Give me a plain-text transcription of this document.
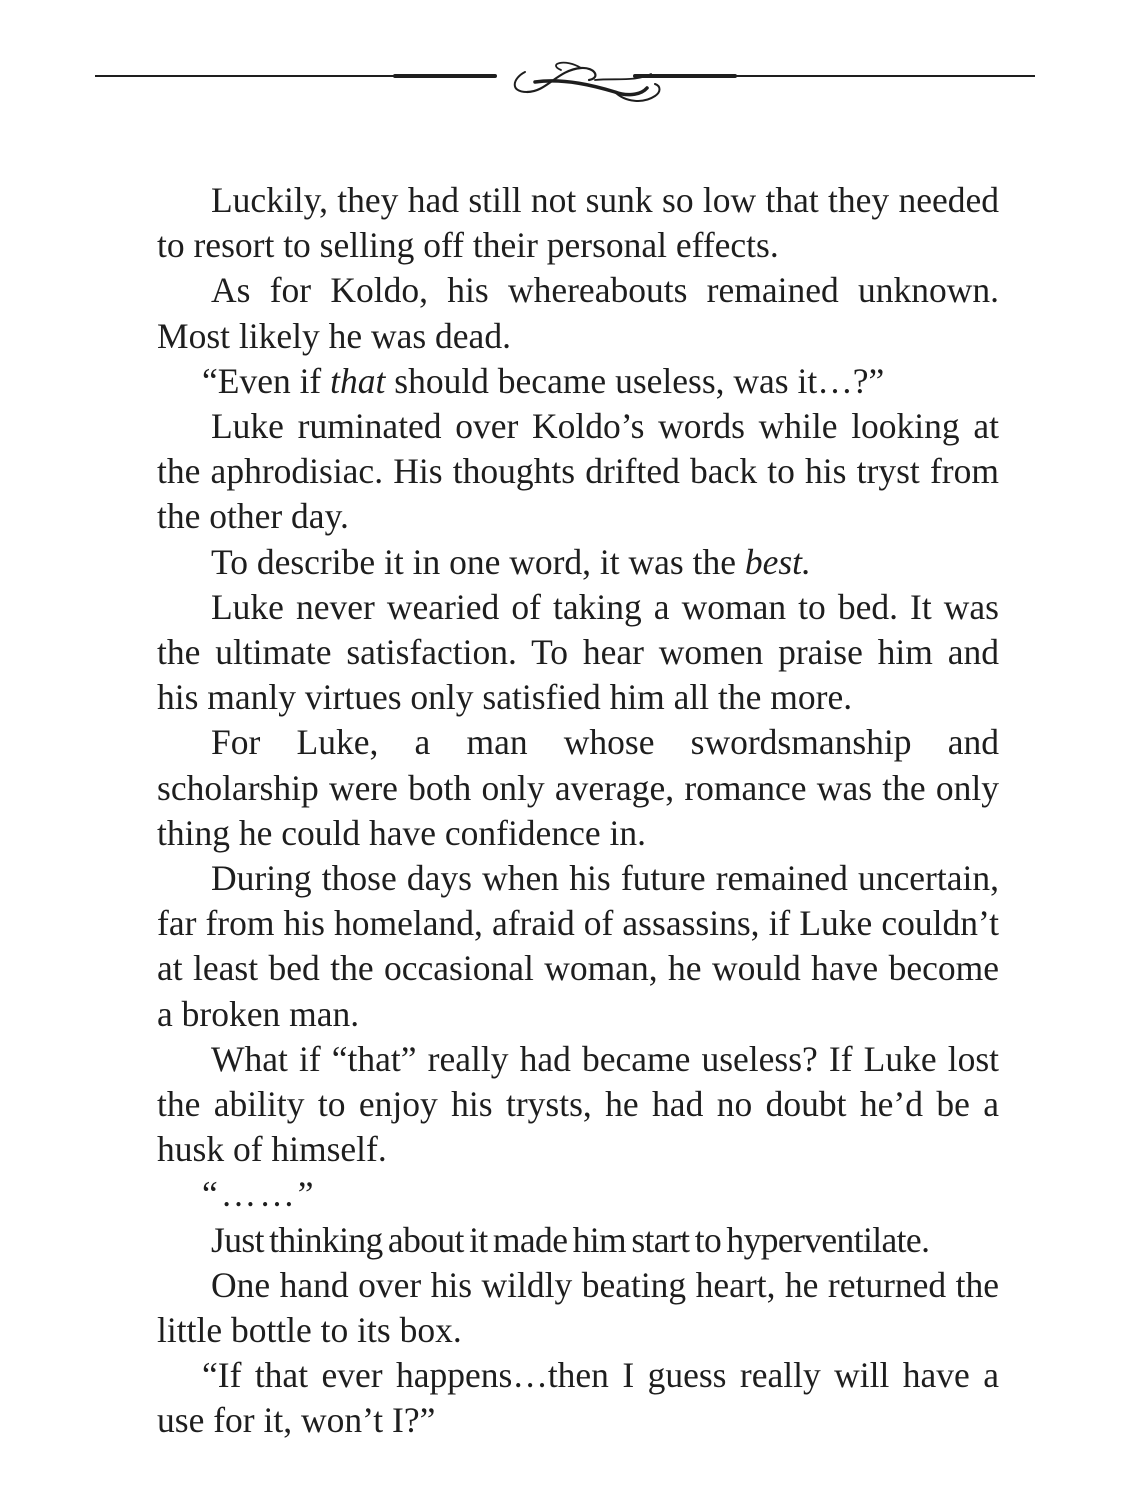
Luckily, they had still not sunk so low that they needed to resort to selling off their personal effects.

As for Koldo, his whereabouts remained unknown. Most likely he was dead.

“Even if that should became useless, was it…?”

Luke ruminated over Koldo’s words while looking at the aphrodisiac. His thoughts drifted back to his tryst from the other day.

To describe it in one word, it was the best.

Luke never wearied of taking a woman to bed. It was the ultimate satisfaction. To hear women praise him and his manly virtues only satisfied him all the more.

For Luke, a man whose swordsmanship and scholarship were both only average, romance was the only thing he could have confidence in.

During those days when his future remained uncertain, far from his homeland, afraid of assassins, if Luke couldn’t at least bed the occasional woman, he would have become a broken man.

What if “that” really had became useless? If Luke lost the ability to enjoy his trysts, he had no doubt he’d be a husk of himself.

“……”

Just thinking about it made him start to hyperventilate.

One hand over his wildly beating heart, he returned the little bottle to its box.

“If that ever happens…then I guess really will have a use for it, won’t I?”
